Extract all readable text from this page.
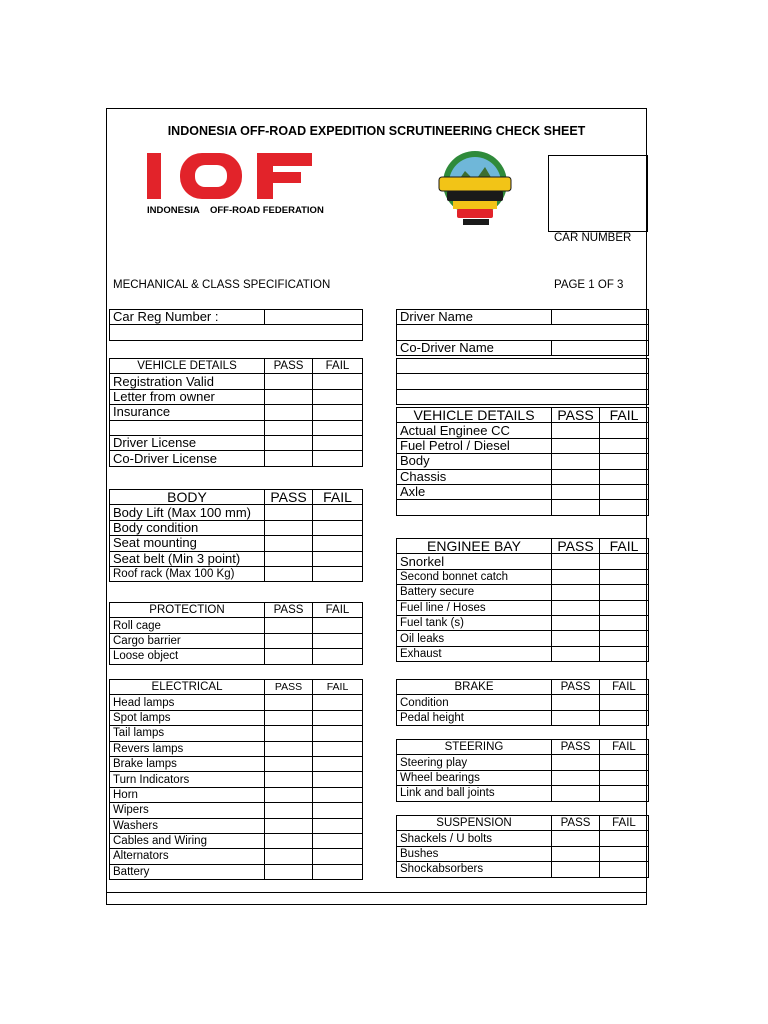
INDONESIA OFF-ROAD EXPEDITION SCRUTINEERING CHECK SHEET
INDONESIA    OFF-ROAD FEDERATION
CAR NUMBER
MECHANICAL & CLASS SPECIFICATION	PAGE 1 OF 3
Car Reg Number :	

VEHICLE DETAILS	PASS	FAIL
Registration Valid		
Letter from owner		
Insurance		

Driver License		
Co-Driver License		
BODY	PASS	FAIL
Body Lift (Max 100 mm)		
Body condition		
Seat mounting		
Seat belt (Min 3 point)		
Roof rack (Max 100 Kg)		
PROTECTION	PASS	FAIL
Roll cage		
Cargo barrier		
Loose object		
ELECTRICAL	PASS	FAIL
Head lamps		
Spot lamps		
Tail lamps		
Revers lamps		
Brake lamps		
Turn Indicators		
Horn		
Wipers		
Washers		
Cables and Wiring		
Alternators		
Battery		
Driver Name	

Co-Driver Name	

VEHICLE DETAILS	PASS	FAIL
Actual Enginee CC		
Fuel Petrol / Diesel		
Body		
Chassis		
Axle		

ENGINEE BAY	PASS	FAIL
Snorkel		
Second bonnet catch		
Battery secure		
Fuel line / Hoses		
Fuel tank (s)		
Oil leaks		
Exhaust		
BRAKE	PASS	FAIL
Condition		
Pedal height		
STEERING	PASS	FAIL
Steering play		
Wheel bearings		
Link and ball joints		
SUSPENSION	PASS	FAIL
Shackels / U bolts		
Bushes		
Shockabsorbers		
